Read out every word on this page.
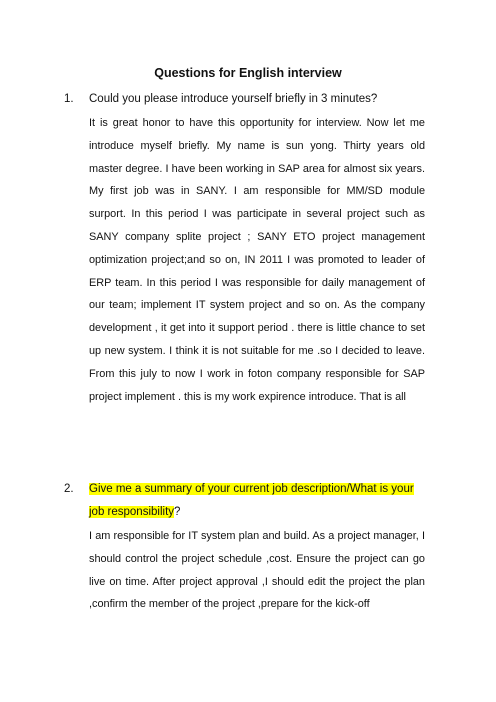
Questions for English interview
1. Could you please introduce yourself briefly in 3 minutes?
It is great honor to have this opportunity for interview. Now let me introduce myself briefly. My name is sun yong. Thirty years old master degree. I have been working in SAP area for almost six years. My first job was in SANY. I am responsible for MM/SD module surport. In this period I was participate in several project such as SANY company splite project ; SANY ETO project management optimization project;and so on, IN 2011 I was promoted to leader of ERP team. In this period I was responsible for daily management of our team; implement IT system project and so on. As the company development , it get into it support period . there is little chance to set up new system. I think it is not suitable for me .so I decided to leave. From this july to now I work in foton company responsible for SAP project implement . this is my work expirence introduce. That is all
2. Give me a summary of your current job description/What is your job responsibility?
I am responsible for IT system plan and build. As a project manager, I should control the project schedule ,cost. Ensure the project can go live on time. After project approval ,I should edit the project the plan ,confirm the member of the project ,prepare for the kick-off
